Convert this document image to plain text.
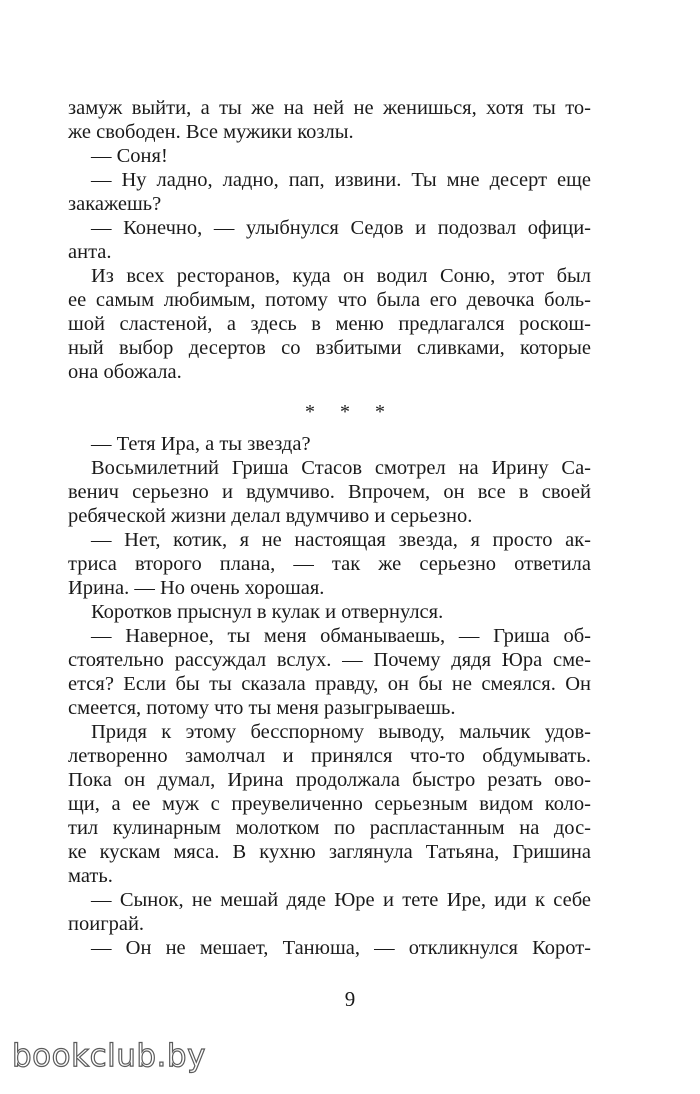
замуж выйти, а ты же на ней не женишься, хотя ты то-
же свободен. Все мужики козлы.
— Соня!
— Ну ладно, ладно, пап, извини. Ты мне десерт еще
закажешь?
— Конечно, — улыбнулся Седов и подозвал офици-
анта.
Из всех ресторанов, куда он водил Соню, этот был
ее самым любимым, потому что была его девочка боль-
шой сластеной, а здесь в меню предлагался роскош-
ный выбор десертов со взбитыми сливками, которые
она обожала.
— Тетя Ира, а ты звезда?
Восьмилетний Гриша Стасов смотрел на Ирину Са-
венич серьезно и вдумчиво. Впрочем, он все в своей
ребяческой жизни делал вдумчиво и серьезно.
— Нет, котик, я не настоящая звезда, я просто ак-
триса второго плана, — так же серьезно ответила
Ирина. — Но очень хорошая.
Коротков прыснул в кулак и отвернулся.
— Наверное, ты меня обманываешь, — Гриша об-
стоятельно рассуждал вслух. — Почему дядя Юра сме-
ется? Если бы ты сказала правду, он бы не смеялся. Он
смеется, потому что ты меня разыгрываешь.
Придя к этому бесспорному выводу, мальчик удов-
летворенно замолчал и принялся что-то обдумывать.
Пока он думал, Ирина продолжала быстро резать ово-
щи, а ее муж с преувеличенно серьезным видом коло-
тил кулинарным молотком по распластанным на дос-
ке кускам мяса. В кухню заглянула Татьяна, Гришина
мать.
— Сынок, не мешай дяде Юре и тете Ире, иди к себе
поиграй.
— Он не мешает, Танюша, — откликнулся Корот-
* * *
9
bookclub.by
